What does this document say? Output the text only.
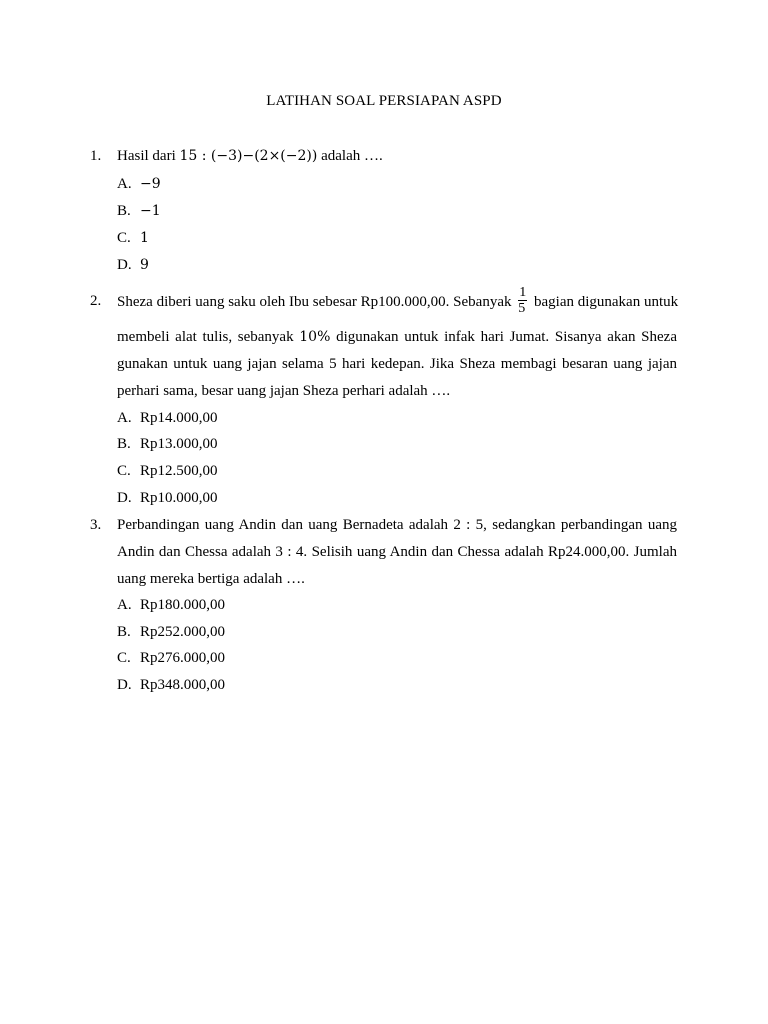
LATIHAN SOAL PERSIAPAN ASPD
1. Hasil dari 15 : (−3)−(2×(−2)) adalah ….
A. −9
B. −1
C. 1
D. 9
2. Sheza diberi uang saku oleh Ibu sebesar Rp100.000,00. Sebanyak $\frac{1}{5}$ bagian digunakan untuk
membeli alat tulis, sebanyak 10% digunakan untuk infak hari Jumat. Sisanya akan Sheza
gunakan untuk uang jajan selama 5 hari kedepan. Jika Sheza membagi besaran uang jajan
perhari sama, besar uang jajan Sheza perhari adalah ….
A. Rp14.000,00
B. Rp13.000,00
C. Rp12.500,00
D. Rp10.000,00
3. Perbandingan uang Andin dan uang Bernadeta adalah 2 : 5, sedangkan perbandingan uang
Andin dan Chessa adalah 3 : 4. Selisih uang Andin dan Chessa adalah Rp24.000,00. Jumlah
uang mereka bertiga adalah ….
A. Rp180.000,00
B. Rp252.000,00
C. Rp276.000,00
D. Rp348.000,00
